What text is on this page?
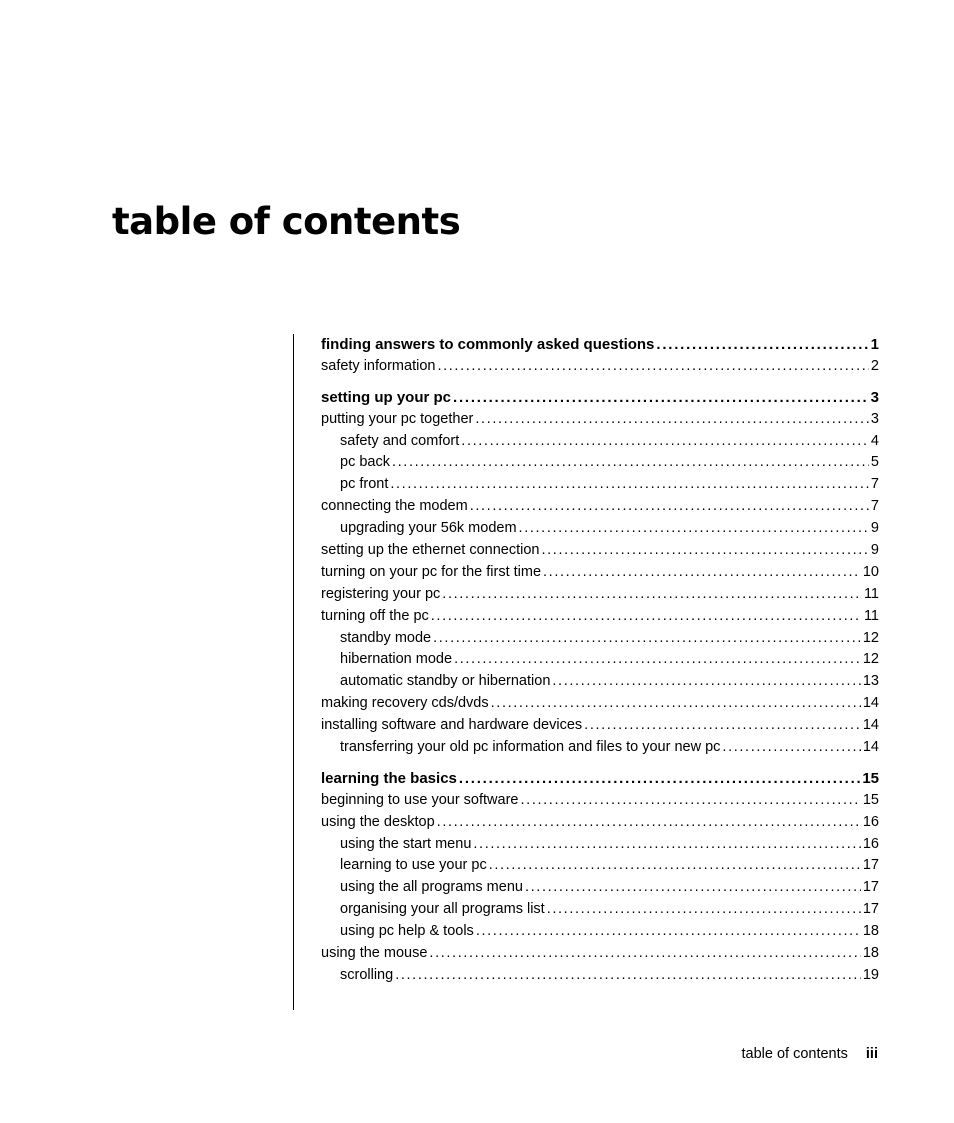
table of contents
finding answers to commonly asked questions . . .	1
safety information . . .	2
setting up your pc . . .	3
putting your pc together . . .	3
safety and comfort . . .	4
pc back . . .	5
pc front . . .	7
connecting the modem . . .	7
upgrading your 56k modem . . .	9
setting up the ethernet connection . . .	9
turning on your pc for the first time . . .	10
registering your pc . . .	11
turning off the pc . . .	11
standby mode . . .	12
hibernation mode . . .	12
automatic standby or hibernation . . .	13
making recovery cds/dvds . . .	14
installing software and hardware devices . . .	14
transferring your old pc information and files to your new pc . . .	14
learning the basics . . .	15
beginning to use your software . . .	15
using the desktop . . .	16
using the start menu . . .	16
learning to use your pc . . .	17
using the all programs menu . . .	17
organising your all programs list . . .	17
using pc help & tools . . .	18
using the mouse . . .	18
scrolling . . .	19
table of contents iii
